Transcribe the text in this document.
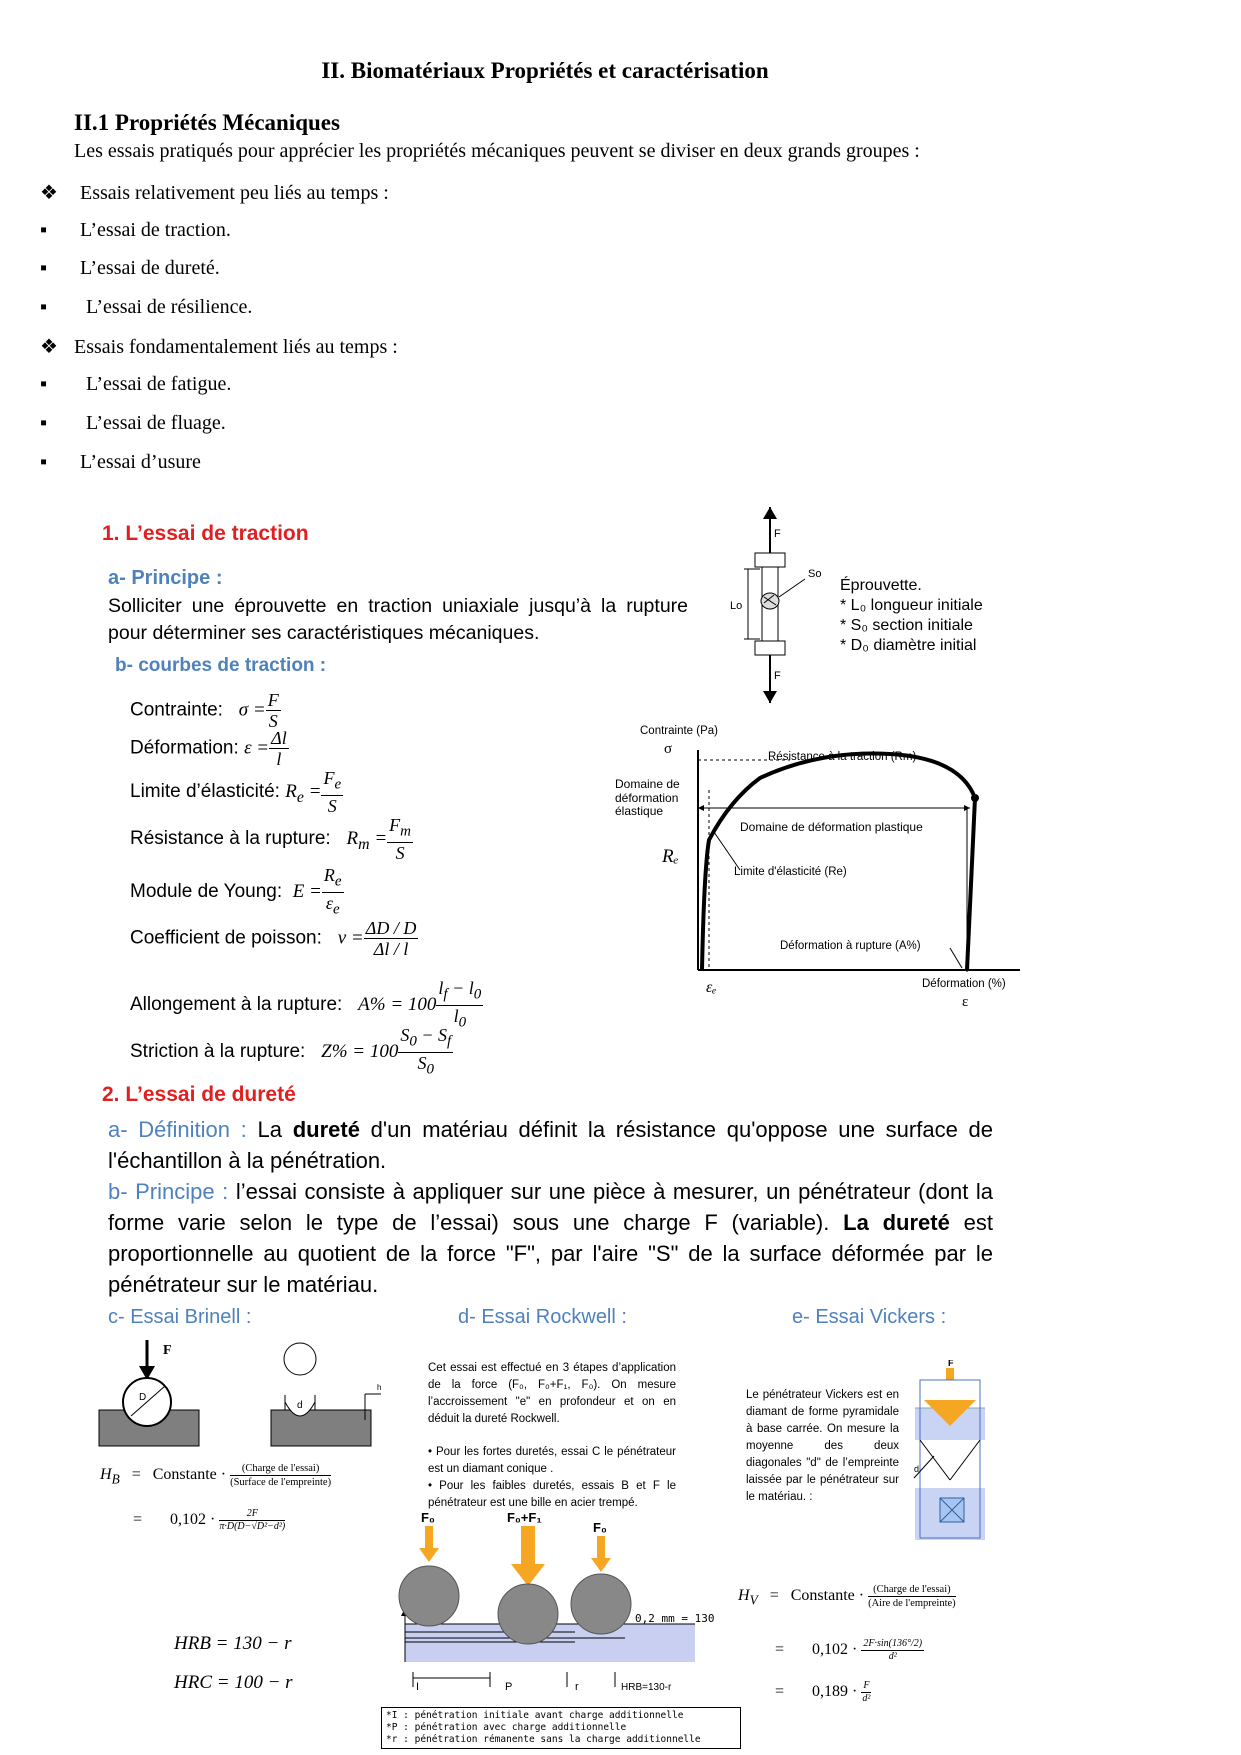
II. Biomatériaux Propriétés et caractérisation
II.1 Propriétés Mécaniques
Les essais pratiqués pour apprécier les propriétés mécaniques peuvent se diviser en deux grands groupes :
❖ Essais relativement peu liés au temps :
▪ L’essai de traction.
▪ L’essai de dureté.
▪ L’essai de résilience.
❖ Essais fondamentalement liés au temps :
▪ L’essai de fatigue.
▪ L’essai de fluage.
▪ L’essai d’usure
1. L’essai de traction
a- Principe :
Solliciter une éprouvette en traction uniaxiale jusqu’à la rupture pour déterminer ses caractéristiques mécaniques.
b- courbes de traction :
Contrainte: $\sigma = \frac{F}{S}$
Déformation: $\varepsilon = \frac{\Delta l}{l}$
Limite d’élasticité: $R_e = \frac{F_e}{S}$
Résistance à la rupture: $R_m = \frac{F_m}{S}$
Module de Young: $E = \frac{R_e}{\varepsilon_e}$
Coefficient de poisson: $\nu = \frac{\Delta D / D}{\Delta l / l}$
Allongement à la rupture: $A\% = 100 \frac{l_f - l_0}{l_0}$
Striction à la rupture: $Z\% = 100 \frac{S_0 - S_f}{S_0}$
F
Lo
So
F
Éprouvette.
* L₀ longueur initiale
* S₀ section initiale
* D₀ diamètre initial
Contrainte (Pa)
σ	Résistance à la traction (Rm)
Domaine de déformation plastique
Rₑ
Limite d'élasticité (Re)
Déformation à rupture (A%)
Déformation (%)
ε
εₑ
Domaine de déformation élastique
2. L’essai de dureté
a- Définition : La dureté d'un matériau définit la résistance qu'oppose une surface de l'échantillon à la pénétration.
b- Principe : l’essai consiste à appliquer sur une pièce à mesurer, un pénétrateur (dont la forme varie selon le type de l’essai) sous une charge F (variable). La dureté est proportionnelle au quotient de la force "F", par l'aire "S" de la surface déformée par le pénétrateur sur le matériau.
c- Essai Brinell :
F
D
d
h
$H_B$   =   Constante · $\frac{\text{(Charge de l'essai)}}{\text{(Surface de l'empreinte)}}$
=       $0,102 \cdot \frac{2F}{\text{π·D(D−√D²−d²)}}$
HRB = 130 − r
HRC = 100 − r
d- Essai Rockwell :
Cet essai est effectué en 3 étapes d’application de la force (F₀, F₀+F₁, F₀). On mesure l’accroissement "e" en profondeur et on en déduit la dureté Rockwell.
• Pour les fortes duretés, essai C le pénétrateur est un diamant conique .
• Pour les faibles duretés, essais B et F le pénétrateur est une bille en acier trempé.
F₀	F₀+F₁
F₀
0,2 mm = 130
I	P	r	HRB=130-r
*I : pénétration initiale avant charge additionnelle
*P : pénétration avec charge additionnelle
*r : pénétration rémanente sans la charge additionnelle
e- Essai Vickers :
Le pénétrateur Vickers est en diamant de forme pyramidale à base carrée. On mesure la moyenne des deux diagonales "d" de l’empreinte laissée par le pénétrateur sur le matériau. :
F
d
$H_V$   =   Constante · $\frac{\text{(Charge de l'essai)}}{\text{(Aire de l'empreinte)}}$
=       $0,102 \cdot \frac{2F\cdot\sin(136^\circ/2)}{\text{d²}}$
=       $0,189 \cdot \frac{F}{\text{d²}}$
